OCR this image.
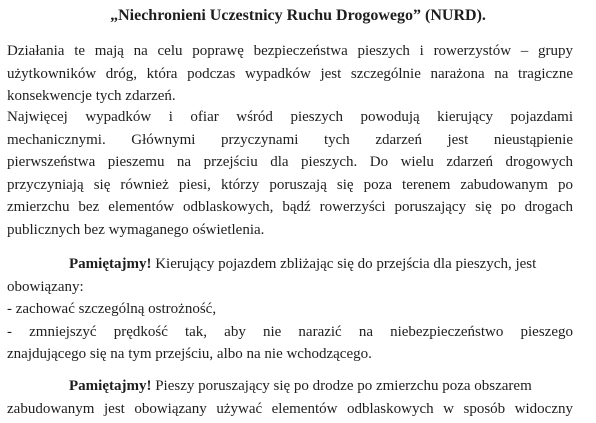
„Niechronieni Uczestnicy Ruchu Drogowego” (NURD).
Działania te mają na celu poprawę bezpieczeństwa pieszych i rowerzystów – grupy
użytkowników dróg, która podczas wypadków jest szczególnie narażona na tragiczne
konsekwencje tych zdarzeń.
Najwięcej wypadków i ofiar wśród pieszych powodują kierujący pojazdami
mechanicznymi. Głównymi przyczynami tych zdarzeń jest nieustąpienie
pierwszeństwa pieszemu na przejściu dla pieszych. Do wielu zdarzeń drogowych
przyczyniają się również piesi, którzy poruszają się poza terenem zabudowanym po
zmierzchu bez elementów odblaskowych, bądź rowerzyści poruszający się po drogach
publicznych bez wymaganego oświetlenia.
Pamiętajmy! Kierujący pojazdem zbliżając się do przejścia dla pieszych, jest
obowiązany:
- zachować szczególną ostrożność,
- zmniejszyć prędkość tak, aby nie narazić na niebezpieczeństwo pieszego
znajdującego się na tym przejściu, albo na nie wchodzącego.
Pamiętajmy! Pieszy poruszający się po drodze po zmierzchu poza obszarem
zabudowanym jest obowiązany używać elementów odblaskowych w sposób widoczny
